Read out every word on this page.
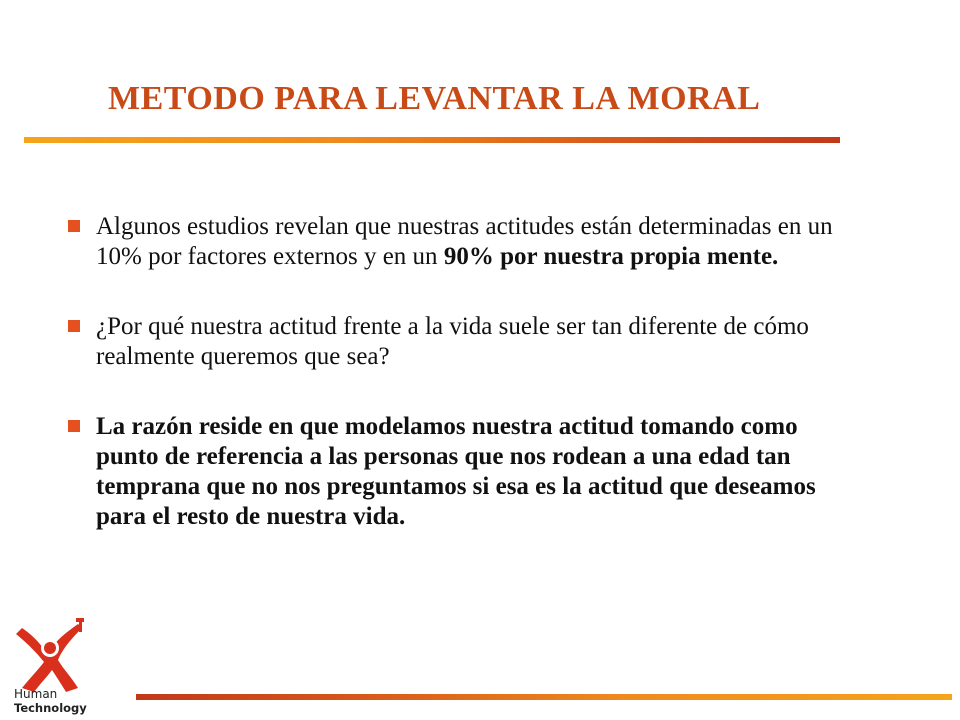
METODO PARA LEVANTAR LA MORAL
Algunos estudios revelan que nuestras actitudes están determinadas en un 10% por factores externos y en un 90% por nuestra propia mente.
¿Por qué nuestra actitud frente a la vida suele ser tan diferente de cómo realmente queremos que sea?
La razón reside en que modelamos nuestra actitud tomando como punto de referencia a las personas que nos rodean a una edad tan temprana que no nos preguntamos si esa es la actitud que deseamos para el resto de nuestra vida.
Human
Technology
